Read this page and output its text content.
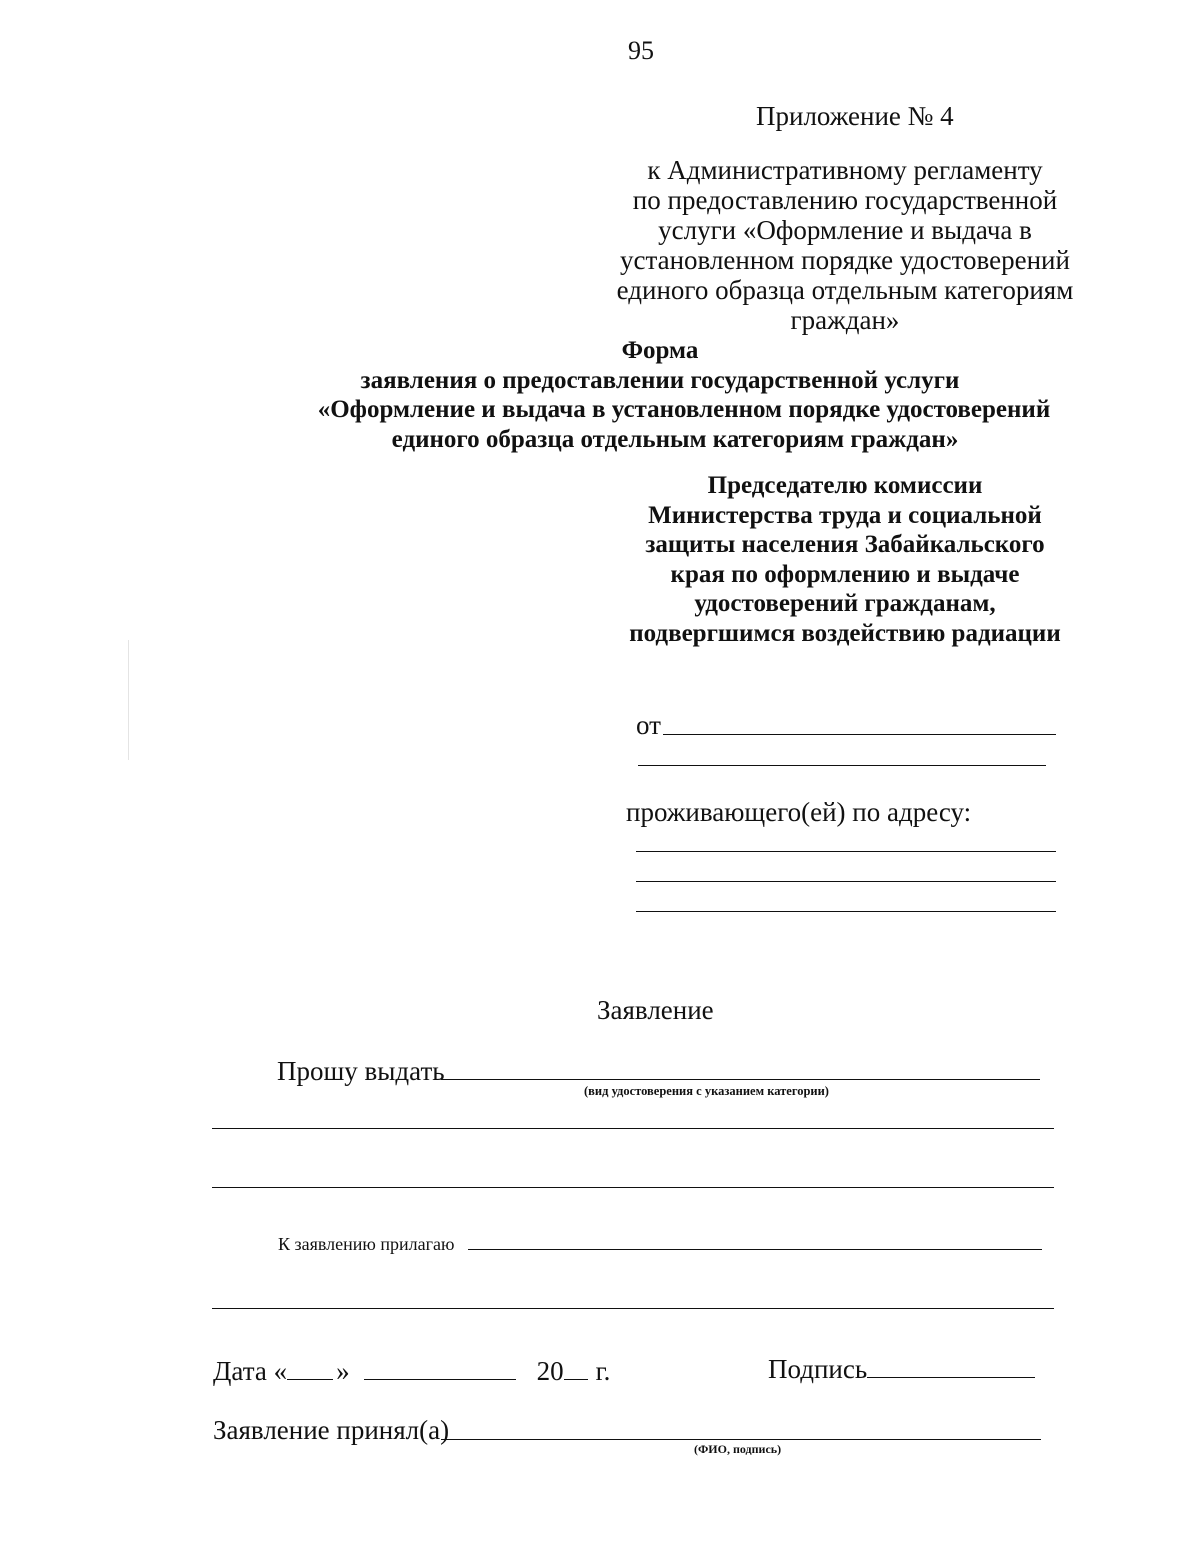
95
Приложение № 4
к Административному регламенту
по предоставлению государственной
услуги «Оформление и выдача в
установленном порядке удостоверений
единого образца отдельным категориям
граждан»
Форма
заявления о предоставлении государственной услуги
«Оформление и выдача в установленном порядке удостоверений
единого образца отдельным категориям граждан»
Председателю комиссии
Министерства труда и социальной
защиты населения Забайкальского
края по оформлению и выдаче
удостоверений гражданам,
подвергшимся воздействию радиации
от
проживающего(ей) по адресу:
Заявление
Прошу выдать
(вид удостоверения с указанием категории)
К заявлению прилагаю
Дата « »	20 г.	Подпись
Заявление принял(а)
(ФИО, подпись)
